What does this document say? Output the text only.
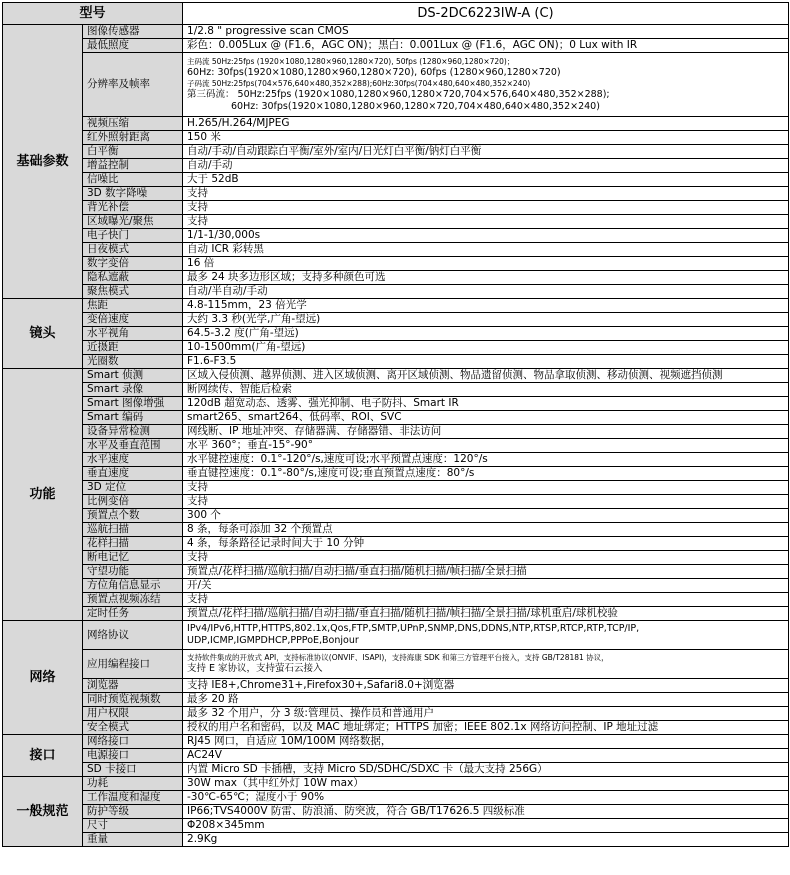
型号		DS-2DC6223IW-A (C)
基础参数	图像传感器	1/2.8 " progressive scan CMOS
	最低照度	彩色：0.005Lux @ (F1.6，AGC ON)；黑白：0.001Lux @ (F1.6，AGC ON)；0 Lux with IR
	分辨率及帧率	主码流 50Hz:25fps (1920×1080,1280×960,1280×720), 50fps (1280×960,1280×720)；
60Hz: 30fps(1920×1080,1280×960,1280×720), 60fps (1280×960,1280×720)
子码流 50Hz:25fps(704×576,640×480,352×288);60Hz:30fps(704×480,640×480,352×240)
第三码流： 50Hz:25fps (1920×1080,1280×960,1280×720,704×576,640×480,352×288);
60Hz: 30fps(1920×1080,1280×960,1280×720,704×480,640×480,352×240)

	视频压缩	H.265/H.264/MJPEG
	红外照射距离	150 米
	白平衡	自动/手动/自动跟踪白平衡/室外/室内/日光灯白平衡/钠灯白平衡
	增益控制	自动/手动
	信噪比	大于 52dB
	3D 数字降噪	支持
	背光补偿	支持
	区域曝光/聚焦	支持
	电子快门	1/1-1/30,000s
	日夜模式	自动 ICR 彩转黑
	数字变倍	16 倍
	隐私遮蔽	最多 24 块多边形区域；支持多种颜色可选
	聚焦模式	自动/半自动/手动
镜头	焦距	4.8-115mm，23 倍光学
	变倍速度	大约 3.3 秒(光学,广角-望远)
	水平视角	64.5-3.2 度(广角-望远)
	近摄距	10-1500mm(广角-望远)
	光圈数	F1.6-F3.5
功能	Smart 侦测	区域入侵侦测、越界侦测、进入区域侦测、离开区域侦测、物品遗留侦测、物品拿取侦测、移动侦测、视频遮挡侦测
	Smart 录像	断网续传、智能后检索
	Smart 图像增强	120dB 超宽动态、透雾、强光抑制、电子防抖、Smart IR
	Smart 编码	smart265、smart264、低码率、ROI、SVC
	设备异常检测	网线断、IP 地址冲突、存储器满、存储器错、非法访问
	水平及垂直范围	水平 360°；垂直-15°-90°
	水平速度	水平键控速度：0.1°-120°/s,速度可设;水平预置点速度：120°/s
	垂直速度	垂直键控速度：0.1°-80°/s,速度可设;垂直预置点速度：80°/s
	3D 定位	支持
	比例变倍	支持
	预置点个数	300 个
	巡航扫描	8 条，每条可添加 32 个预置点
	花样扫描	4 条，每条路径记录时间大于 10 分钟
	断电记忆	支持
	守望功能	预置点/花样扫描/巡航扫描/自动扫描/垂直扫描/随机扫描/帧扫描/全景扫描
	方位角信息显示	开/关
	预置点视频冻结	支持
	定时任务	预置点/花样扫描/巡航扫描/自动扫描/垂直扫描/随机扫描/帧扫描/全景扫描/球机重启/球机校验
网络	网络协议	IPv4/IPv6,HTTP,HTTPS,802.1x,Qos,FTP,SMTP,UPnP,SNMP,DNS,DDNS,NTP,RTSP,RTCP,RTP,TCP/IP,
UDP,ICMP,IGMPDHCP,PPPoE,Bonjour

	应用编程接口	支持软件集成的开放式 API，支持标准协议(ONVIF、ISAPI)，支持海康 SDK 和第三方管理平台接入，支持 GB/T28181 协议，
支持 E 家协议，支持萤石云接入

	浏览器	支持 IE8+,Chrome31+,Firefox30+,Safari8.0+浏览器
	同时预览视频数	最多 20 路
	用户权限	最多 32 个用户，分 3 级:管理员、操作员和普通用户
	安全模式	授权的用户名和密码，以及 MAC 地址绑定；HTTPS 加密；IEEE 802.1x 网络访问控制、IP 地址过滤
接口	网络接口	RJ45 网口，自适应 10M/100M 网络数据，
	电源接口	AC24V
	SD 卡接口	内置 Micro SD 卡插槽，支持 Micro SD/SDHC/SDXC 卡（最大支持 256G）
一般规范	功耗	30W max（其中红外灯 10W max）
	工作温度和湿度	-30℃-65℃；湿度小于 90%
	防护等级	IP66;TVS4000V 防雷、防浪涌、防突波，符合 GB/T17626.5 四级标准
	尺寸	Φ208×345mm
	重量	2.9Kg
